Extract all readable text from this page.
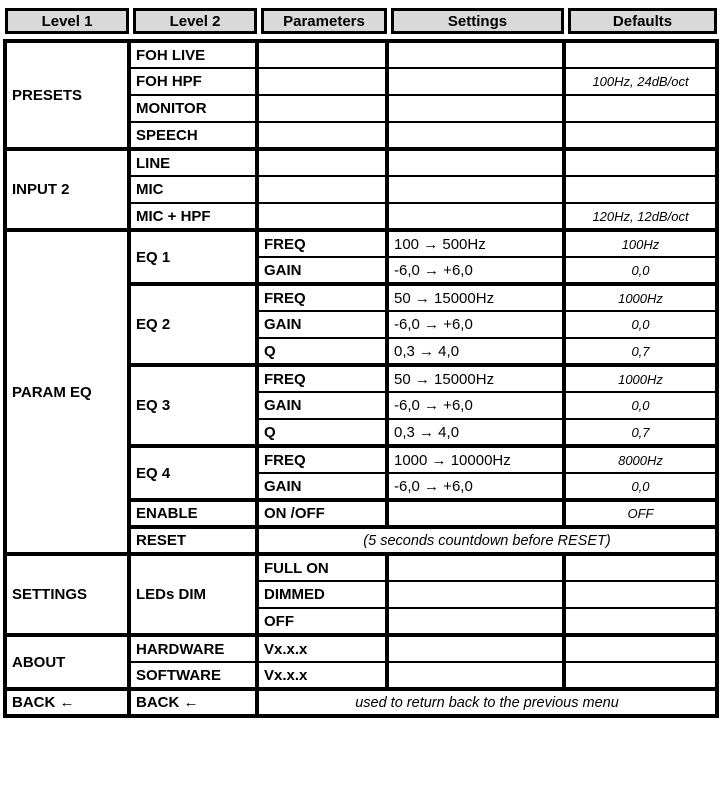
Level 1	Level 2	Parameters	Settings	Defaults
PRESETS	FOH LIVE			
	FOH HPF			100Hz, 24dB/oct
	MONITOR			
	SPEECH			
INPUT 2	LINE			
	MIC			
	MIC + HPF			120Hz, 12dB/oct
PARAM EQ	EQ 1	FREQ	100 → 500Hz	100Hz
		GAIN	-6,0 → +6,0	0,0
	EQ 2	FREQ	50 → 15000Hz	1000Hz
		GAIN	-6,0 → +6,0	0,0
		Q	0,3 → 4,0	0,7
	EQ 3	FREQ	50 → 15000Hz	1000Hz
		GAIN	-6,0 → +6,0	0,0
		Q	0,3 → 4,0	0,7
	EQ 4	FREQ	1000 → 10000Hz	8000Hz
		GAIN	-6,0 → +6,0	0,0
	ENABLE	ON /OFF		OFF
	RESET	(5 seconds countdown before RESET)		
SETTINGS	LEDs DIM	FULL ON		
		DIMMED		
		OFF		
ABOUT	HARDWARE	Vx.x.x		
	SOFTWARE	Vx.x.x		
BACK ←	BACK ←	used to return back to the previous menu		
